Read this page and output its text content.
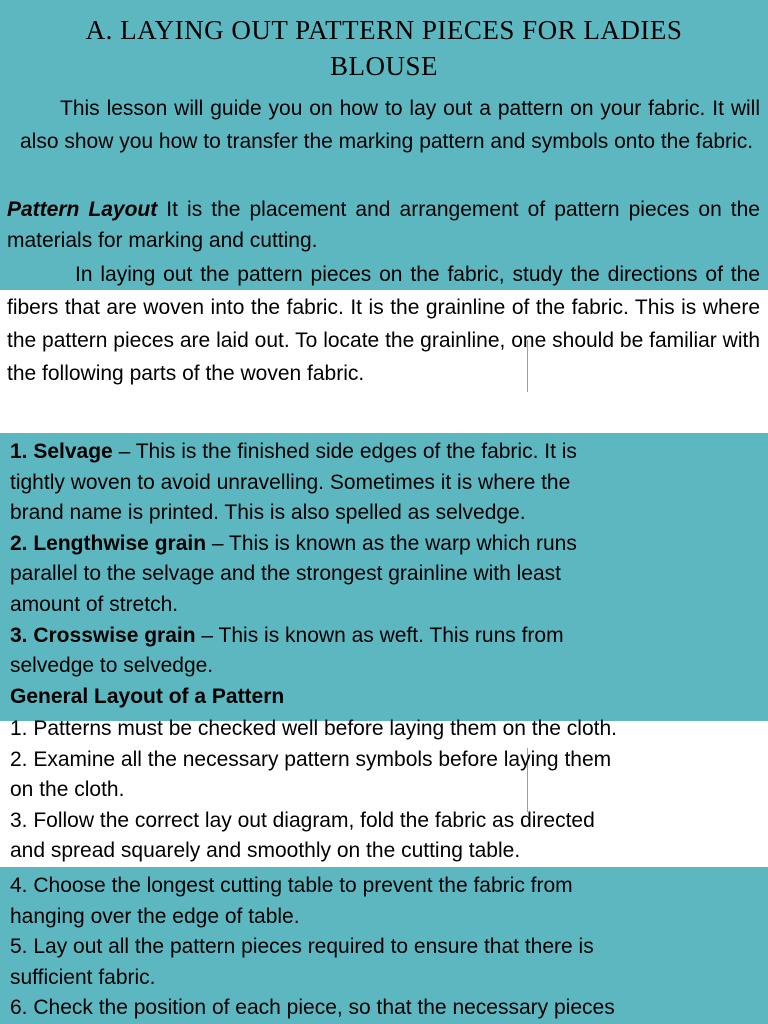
A. LAYING OUT PATTERN PIECES FOR LADIES
BLOUSE

This lesson will guide you on how to lay out a pattern on your fabric. It will also show you how to transfer the marking pattern and symbols onto the fabric.

Pattern Layout It is the placement and arrangement of pattern pieces on the materials for marking and cutting.

In laying out the pattern pieces on the fabric, study the directions of the fibers that are woven into the fabric. It is the grainline of the fabric. This is where the pattern pieces are laid out. To locate the grainline, one should be familiar with the following parts of the woven fabric.

1. Selvage – This is the finished side edges of the fabric. It is
tightly woven to avoid unravelling. Sometimes it is where the
brand name is printed. This is also spelled as selvedge.
2. Lengthwise grain – This is known as the warp which runs
parallel to the selvage and the strongest grainline with least
amount of stretch.
3. Crosswise grain – This is known as weft. This runs from
selvedge to selvedge.
General Layout of a Pattern
1. Patterns must be checked well before laying them on the cloth.
2. Examine all the necessary pattern symbols before laying them
on the cloth.
3. Follow the correct lay out diagram, fold the fabric as directed
and spread squarely and smoothly on the cutting table.
4. Choose the longest cutting table to prevent the fabric from
hanging over the edge of table.
5. Lay out all the pattern pieces required to ensure that there is
sufficient fabric.
6. Check the position of each piece, so that the necessary pieces
